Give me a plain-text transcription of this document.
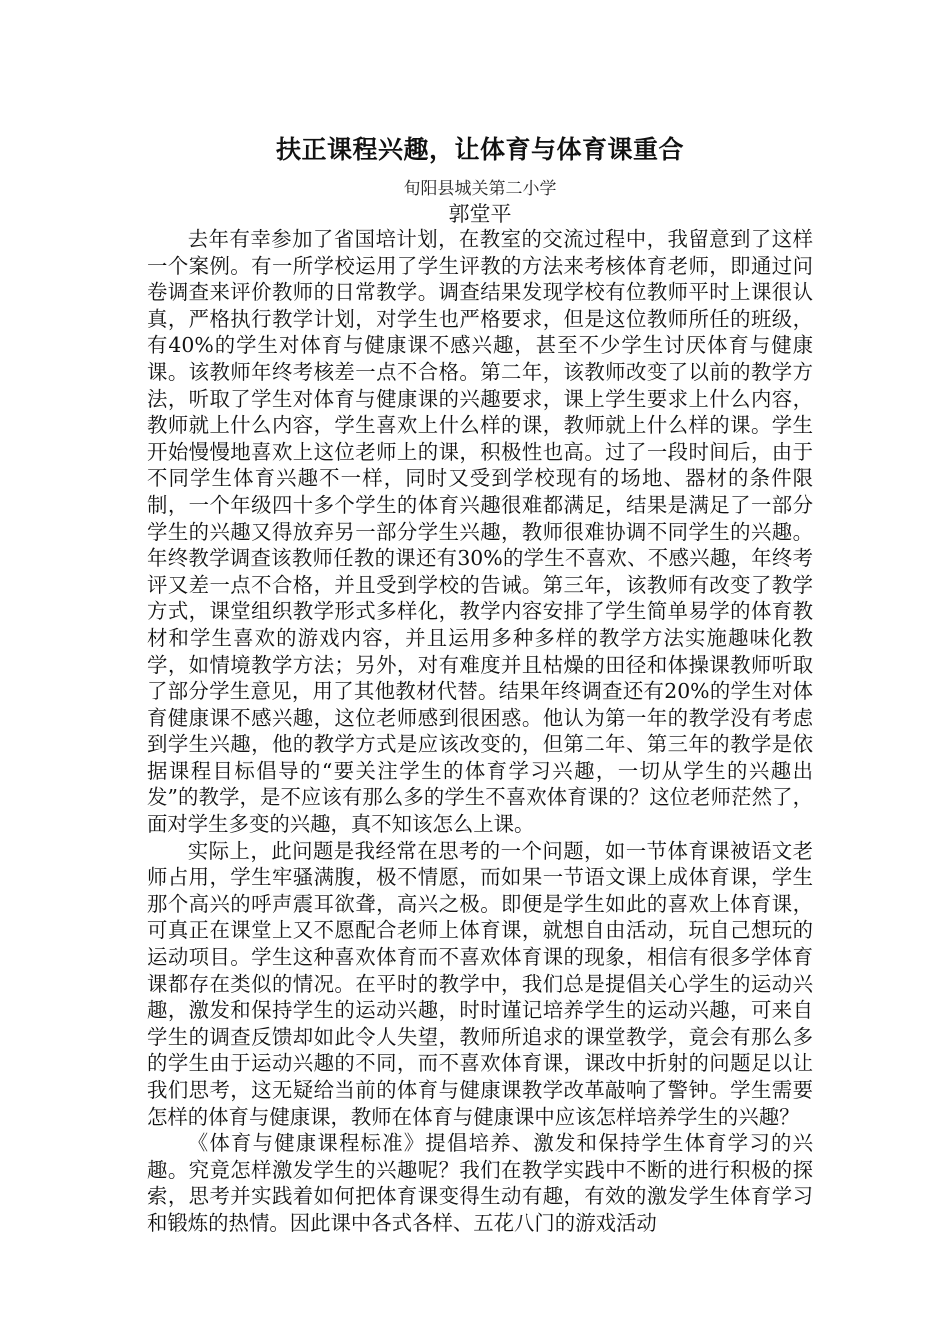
扶正课程兴趣，让体育与体育课重合

旬阳县城关第二小学

郭堂平

去年有幸参加了省国培计划，在教室的交流过程中，我留意到了这样一个案例。有一所学校运用了学生评教的方法来考核体育老师，即通过问卷调查来评价教师的日常教学。调查结果发现学校有位教师平时上课很认真，严格执行教学计划，对学生也严格要求，但是这位教师所任的班级，有40%的学生对体育与健康课不感兴趣，甚至不少学生讨厌体育与健康课。该教师年终考核差一点不合格。第二年，该教师改变了以前的教学方法，听取了学生对体育与健康课的兴趣要求，课上学生要求上什么内容，教师就上什么内容，学生喜欢上什么样的课，教师就上什么样的课。学生开始慢慢地喜欢上这位老师上的课，积极性也高。过了一段时间后，由于不同学生体育兴趣不一样，同时又受到学校现有的场地、器材的条件限制，一个年级四十多个学生的体育兴趣很难都满足，结果是满足了一部分学生的兴趣又得放弃另一部分学生兴趣，教师很难协调不同学生的兴趣。年终教学调查该教师任教的课还有30%的学生不喜欢、不感兴趣，年终考评又差一点不合格，并且受到学校的告诫。第三年，该教师有改变了教学方式，课堂组织教学形式多样化，教学内容安排了学生简单易学的体育教材和学生喜欢的游戏内容，并且运用多种多样的教学方法实施趣味化教学，如情境教学方法；另外，对有难度并且枯燥的田径和体操课教师听取了部分学生意见，用了其他教材代替。结果年终调查还有20%的学生对体育健康课不感兴趣，这位老师感到很困惑。他认为第一年的教学没有考虑到学生兴趣，他的教学方式是应该改变的，但第二年、第三年的教学是依据课程目标倡导的“要关注学生的体育学习兴趣，一切从学生的兴趣出发”的教学，是不应该有那么多的学生不喜欢体育课的？这位老师茫然了，面对学生多变的兴趣，真不知该怎么上课。

实际上，此问题是我经常在思考的一个问题，如一节体育课被语文老师占用，学生牢骚满腹，极不情愿，而如果一节语文课上成体育课，学生那个高兴的呼声震耳欲聋，高兴之极。即便是学生如此的喜欢上体育课，可真正在课堂上又不愿配合老师上体育课，就想自由活动，玩自己想玩的运动项目。学生这种喜欢体育而不喜欢体育课的现象，相信有很多学体育课都存在类似的情况。在平时的教学中，我们总是提倡关心学生的运动兴趣，激发和保持学生的运动兴趣，时时谨记培养学生的运动兴趣，可来自学生的调查反馈却如此令人失望，教师所追求的课堂教学，竟会有那么多的学生由于运动兴趣的不同，而不喜欢体育课，课改中折射的问题足以让我们思考，这无疑给当前的体育与健康课教学改革敲响了警钟。学生需要怎样的体育与健康课，教师在体育与健康课中应该怎样培养学生的兴趣？

《体育与健康课程标准》提倡培养、激发和保持学生体育学习的兴趣。究竟怎样激发学生的兴趣呢？我们在教学实践中不断的进行积极的探索，思考并实践着如何把体育课变得生动有趣，有效的激发学生体育学习和锻炼的热情。因此课中各式各样、五花八门的游戏活动
